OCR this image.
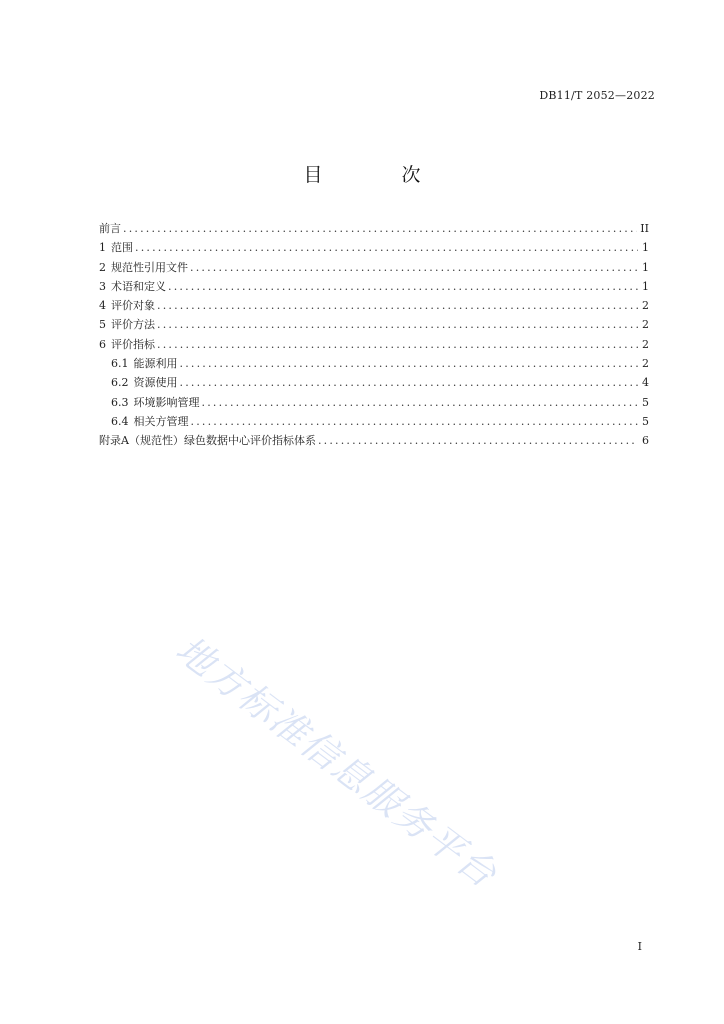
DB11/T 2052—2022
目　次
前言 .....	II
1 范围 .....	1
2 规范性引用文件 .....	1
3 术语和定义 .....	1
4 评价对象 .....	2
5 评价方法 .....	2
6 评价指标 .....	2
6.1 能源利用 .....	2
6.2 资源使用 .....	4
6.3 环境影响管理 .....	5
6.4 相关方管理 .....	5
附录A（规范性）绿色数据中心评价指标体系 .....	6
地方标准信息服务平台
I
